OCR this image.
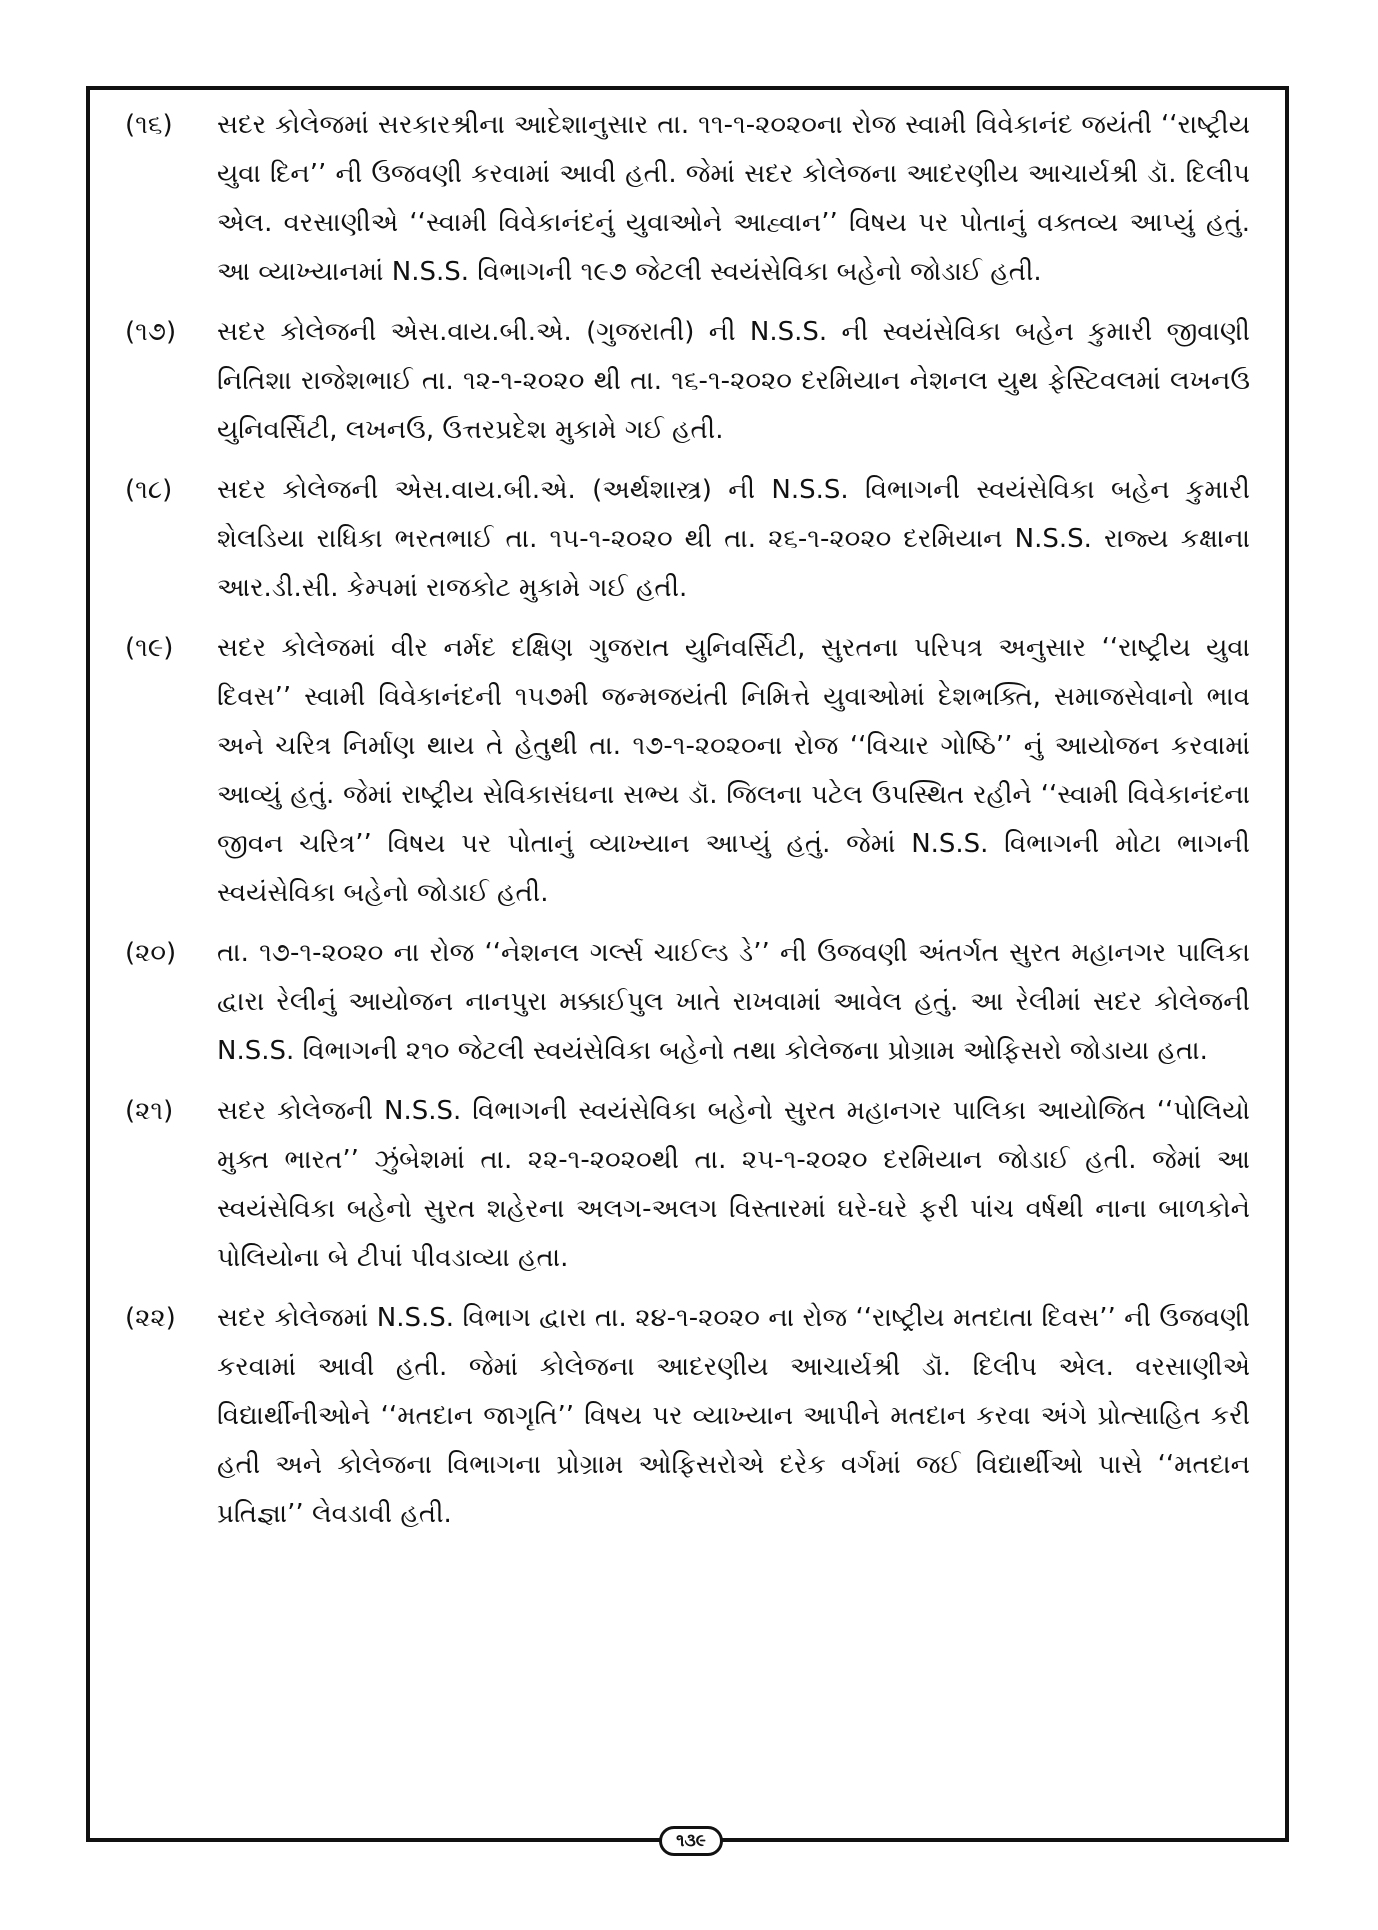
(૧૬) સદર કોલેજમાં સરકારશ્રીના આદેશાનુસાર તા. ૧૧-૧-૨૦૨૦ના રોજ સ્વામી વિવેકાનંદ જયંતી ‘‘રાષ્ટ્રીય યુવા દિન’’ ની ઉજવણી કરવામાં આવી હતી. જેમાં સદર કોલેજના આદરણીય આચાર્યશ્રી ડૉ. દિલીપ એલ. વરસાણીએ ‘‘સ્વામી વિવેકાનંદનું યુવાઓને આહ્વાન’’ વિષય પર પોતાનું વક્તવ્ય આપ્યું હતું. આ વ્યાખ્યાનમાં N.S.S. વિભાગની ૧૯૭ જેટલી સ્વયંસેવિકા બહેનો જોડાઈ હતી.
(૧૭) સદર કોલેજની એસ.વાય.બી.એ. (ગુજરાતી) ની N.S.S. ની સ્વયંસેવિકા બહેન કુમારી જીવાણી નિતિશા રાજેશભાઈ તા. ૧૨-૧-૨૦૨૦ થી તા. ૧૬-૧-૨૦૨૦ દરમિયાન નેશનલ યુથ ફેસ્ટિવલમાં લખનઉ યુનિવર્સિટી, લખનઉ, ઉત્તરપ્રદેશ મુકામે ગઈ હતી.
(૧૮) સદર કોલેજની એસ.વાય.બી.એ. (અર્થશાસ્ત્ર) ની N.S.S. વિભાગની સ્વયંસેવિકા બહેન કુમારી શેલડિયા રાધિકા ભરતભાઈ તા. ૧૫-૧-૨૦૨૦ થી તા. ૨૬-૧-૨૦૨૦ દરમિયાન N.S.S. રાજ્ય કક્ષાના આર.ડી.સી. કેમ્પમાં રાજકોટ મુકામે ગઈ હતી.
(૧૯) સદર કોલેજમાં વીર નર્મદ દક્ષિણ ગુજરાત યુનિવર્સિટી, સુરતના પરિપત્ર અનુસાર ‘‘રાષ્ટ્રીય યુવા દિવસ’’ સ્વામી વિવેકાનંદની ૧૫૭મી જન્મજયંતી નિમિત્તે યુવાઓમાં દેશભક્તિ, સમાજસેવાનો ભાવ અને ચરિત્ર નિર્માણ થાય તે હેતુથી તા. ૧૭-૧-૨૦૨૦ના રોજ ‘‘વિચાર ગોષ્ઠિ’’ નું આયોજન કરવામાં આવ્યું હતું. જેમાં રાષ્ટ્રીય સેવિકાસંઘના સભ્ય ડૉ. જિલના પટેલ ઉપસ્થિત રહીને ‘‘સ્વામી વિવેકાનંદના જીવન ચરિત્ર’’ વિષય પર પોતાનું વ્યાખ્યાન આપ્યું હતું. જેમાં N.S.S. વિભાગની મોટા ભાગની સ્વયંસેવિકા બહેનો જોડાઈ હતી.
(૨૦) તા. ૧૭-૧-૨૦૨૦ ના રોજ ‘‘નેશનલ ગર્લ્સ ચાઈલ્ડ ડે’’ ની ઉજવણી અંતર્ગત સુરત મહાનગર પાલિકા દ્વારા રેલીનું આયોજન નાનપુરા મક્કાઈપુલ ખાતે રાખવામાં આવેલ હતું. આ રેલીમાં સદર કોલેજની N.S.S. વિભાગની ૨૧૦ જેટલી સ્વયંસેવિકા બહેનો તથા કોલેજના પ્રોગ્રામ ઓફિસરો જોડાયા હતા.
(૨૧) સદર કોલેજની N.S.S. વિભાગની સ્વયંસેવિકા બહેનો સુરત મહાનગર પાલિકા આયોજિત ‘‘પોલિયો મુક્ત ભારત’’ ઝુંબેશમાં તા. ૨૨-૧-૨૦૨૦થી તા. ૨૫-૧-૨૦૨૦ દરમિયાન જોડાઈ હતી. જેમાં આ સ્વયંસેવિકા બહેનો સુરત શહેરના અલગ-અલગ વિસ્તારમાં ઘરે-ઘરે ફરી પાંચ વર્ષથી નાના બાળકોને પોલિયોના બે ટીપાં પીવડાવ્યા હતા.
(૨૨) સદર કોલેજમાં N.S.S. વિભાગ દ્વારા તા. ૨૪-૧-૨૦૨૦ ના રોજ ‘‘રાષ્ટ્રીય મતદાતા દિવસ’’ ની ઉજવણી કરવામાં આવી હતી. જેમાં કોલેજના આદરણીય આચાર્યશ્રી ડૉ. દિલીપ એલ. વરસાણીએ વિદ્યાર્થીનીઓને ‘‘મતદાન જાગૃતિ’’ વિષય પર વ્યાખ્યાન આપીને મતદાન કરવા અંગે પ્રોત્સાહિત કરી હતી અને કોલેજના વિભાગના પ્રોગ્રામ ઓફિસરોએ દરેક વર્ગમાં જઈ વિદ્યાર્થીઓ પાસે ‘‘મતદાન પ્રતિજ્ઞા’’ લેવડાવી હતી.
૧૩૯
